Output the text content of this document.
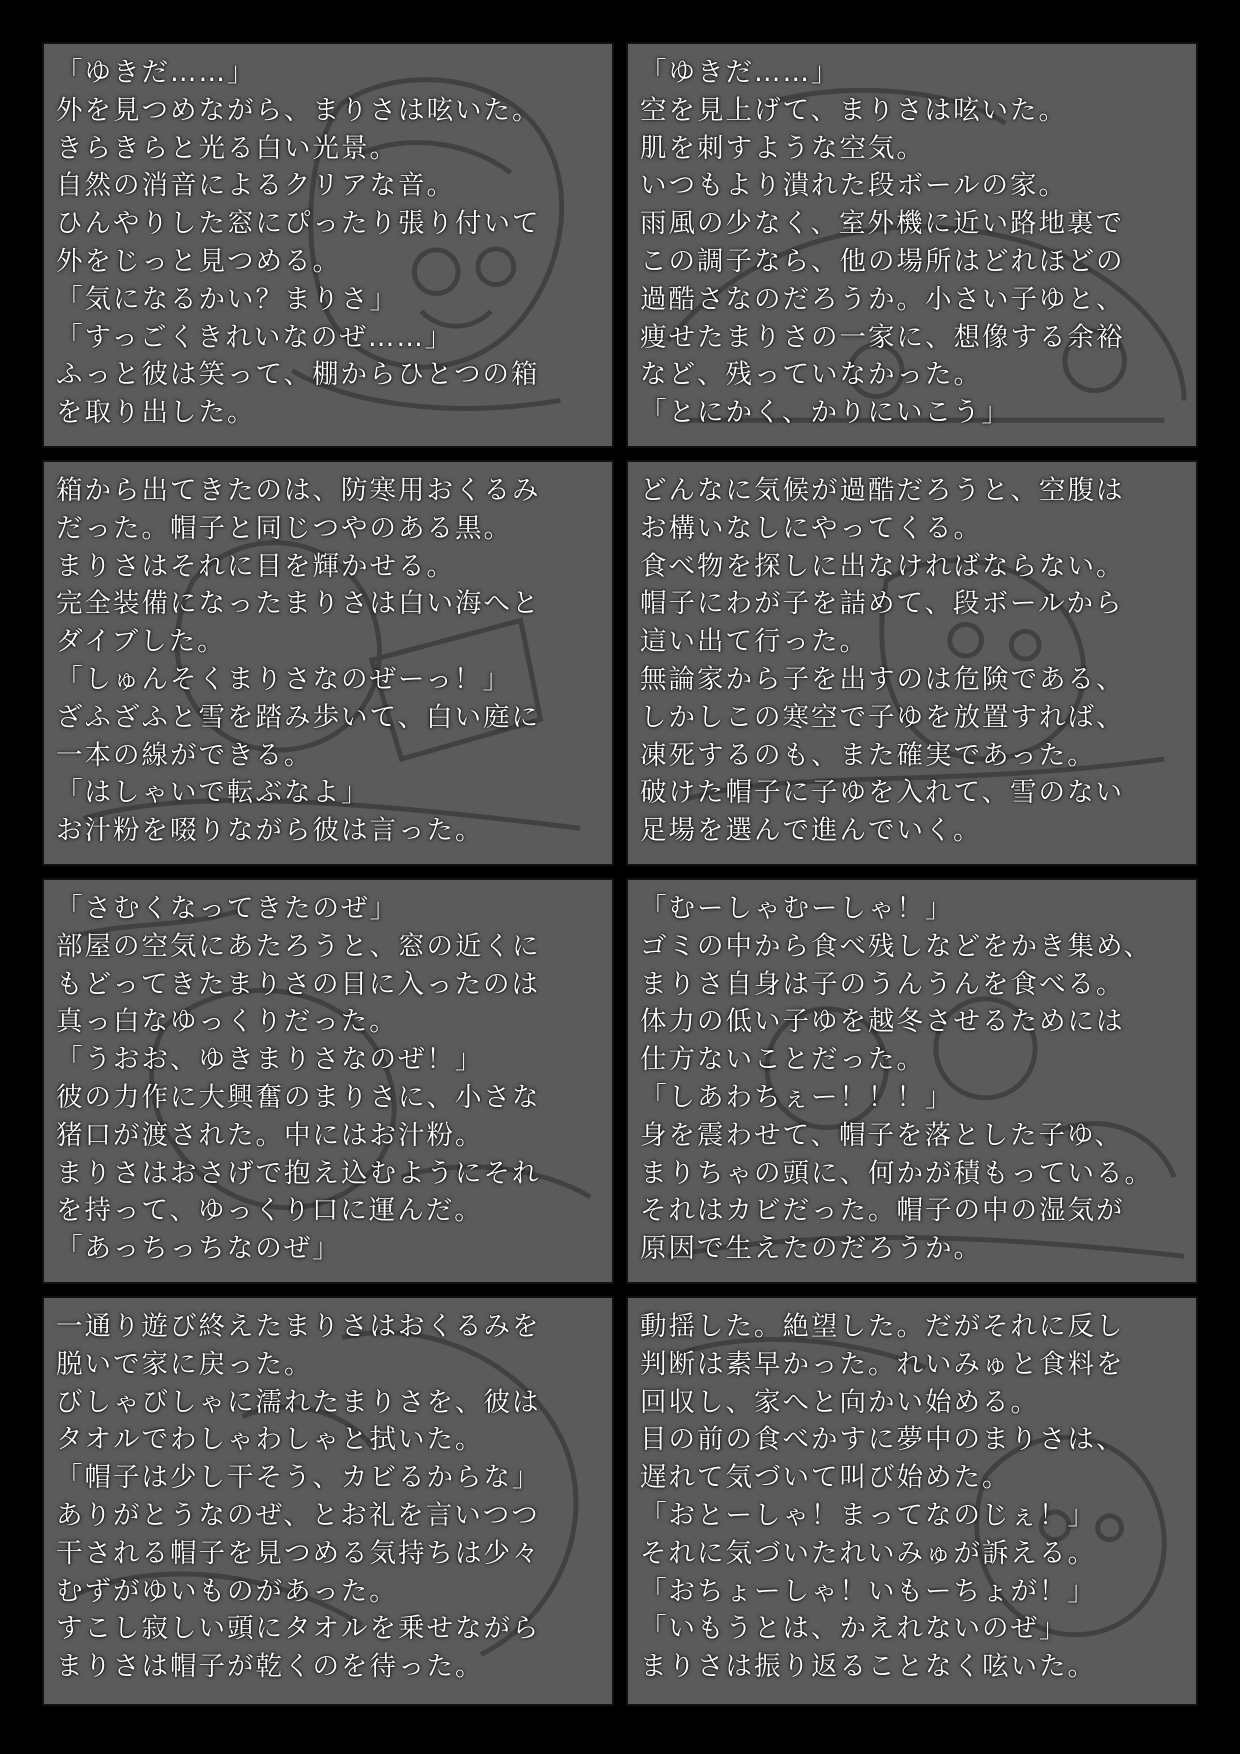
「ゆきだ……」
外を見つめながら、まりさは呟いた。
きらきらと光る白い光景。
自然の消音によるクリアな音。
ひんやりした窓にぴったり張り付いて
外をじっと見つめる。
「気になるかい？まりさ」
「すっごくきれいなのぜ……」
ふっと彼は笑って、棚からひとつの箱
を取り出した。
「ゆきだ……」
空を見上げて、まりさは呟いた。
肌を刺すような空気。
いつもより潰れた段ボールの家。
雨風の少なく、室外機に近い路地裏で
この調子なら、他の場所はどれほどの
過酷さなのだろうか。小さい子ゆと、
痩せたまりさの一家に、想像する余裕
など、残っていなかった。
「とにかく、かりにいこう」
箱から出てきたのは、防寒用おくるみ
だった。帽子と同じつやのある黒。
まりさはそれに目を輝かせる。
完全装備になったまりさは白い海へと
ダイブした。
「しゅんそくまりさなのぜーっ！」
ざふざふと雪を踏み歩いて、白い庭に
一本の線ができる。
「はしゃいで転ぶなよ」
お汁粉を啜りながら彼は言った。
どんなに気候が過酷だろうと、空腹は
お構いなしにやってくる。
食べ物を探しに出なければならない。
帽子にわが子を詰めて、段ボールから
這い出て行った。
無論家から子を出すのは危険である、
しかしこの寒空で子ゆを放置すれば、
凍死するのも、また確実であった。
破けた帽子に子ゆを入れて、雪のない
足場を選んで進んでいく。
「さむくなってきたのぜ」
部屋の空気にあたろうと、窓の近くに
もどってきたまりさの目に入ったのは
真っ白なゆっくりだった。
「うおお、ゆきまりさなのぜ！」
彼の力作に大興奮のまりさに、小さな
猪口が渡された。中にはお汁粉。
まりさはおさげで抱え込むようにそれ
を持って、ゆっくり口に運んだ。
「あっちっちなのぜ」
「むーしゃむーしゃ！」
ゴミの中から食べ残しなどをかき集め、
まりさ自身は子のうんうんを食べる。
体力の低い子ゆを越冬させるためには
仕方ないことだった。
「しあわちぇー！！！」
身を震わせて、帽子を落とした子ゆ、
まりちゃの頭に、何かが積もっている。
それはカビだった。帽子の中の湿気が
原因で生えたのだろうか。
一通り遊び終えたまりさはおくるみを
脱いで家に戻った。
びしゃびしゃに濡れたまりさを、彼は
タオルでわしゃわしゃと拭いた。
「帽子は少し干そう、カビるからな」
ありがとうなのぜ、とお礼を言いつつ
干される帽子を見つめる気持ちは少々
むずがゆいものがあった。
すこし寂しい頭にタオルを乗せながら
まりさは帽子が乾くのを待った。
動揺した。絶望した。だがそれに反し
判断は素早かった。れいみゅと食料を
回収し、家へと向かい始める。
目の前の食べかすに夢中のまりさは、
遅れて気づいて叫び始めた。
「おとーしゃ！まってなのじぇ！」
それに気づいたれいみゅが訴える。
「おちょーしゃ！いもーちょが！」
「いもうとは、かえれないのぜ」
まりさは振り返ることなく呟いた。
